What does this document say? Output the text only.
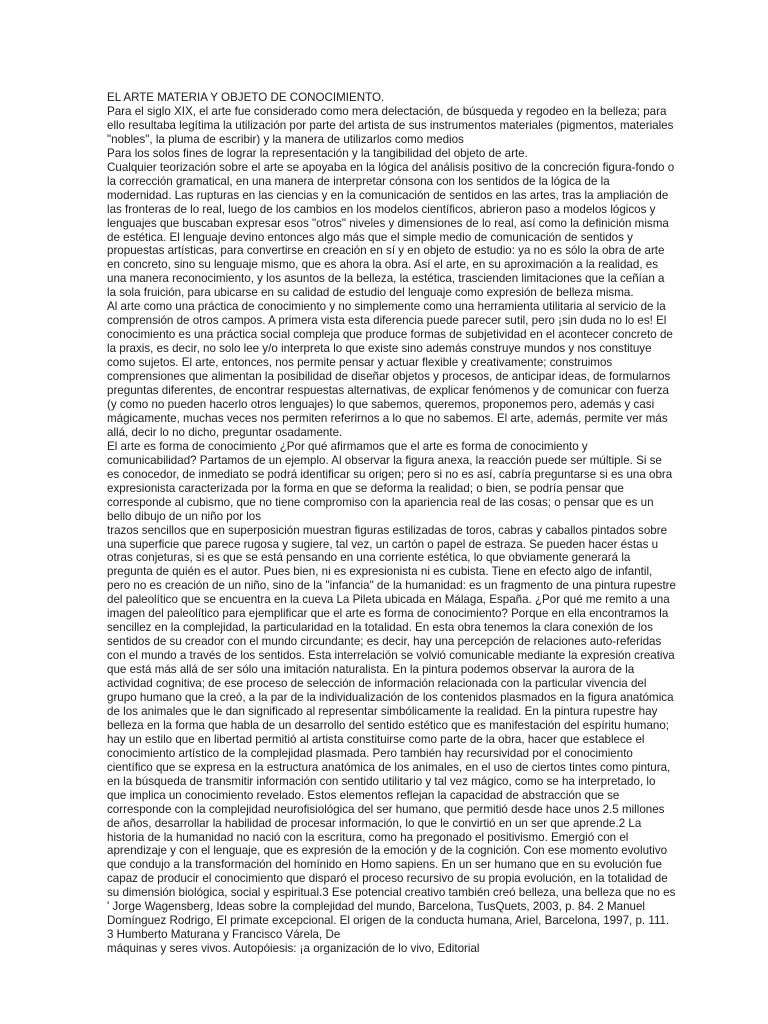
EL ARTE MATERIA Y OBJETO DE CONOCIMIENTO.
Para el siglo XIX, el arte fue considerado como mera delectación, de búsqueda y regodeo en la belleza; para
ello resultaba legítima la utilización por parte del artista de sus instrumentos materiales (pigmentos, materiales
"nobles", la pluma de escribir) y la manera de utilizarlos como medios
Para los solos fines de lograr la representación y la tangibilidad del objeto de arte.
Cualquier teorización sobre el arte se apoyaba en la lógica del análisis positivo de la concreción figura-fondo o
la corrección gramatical, en una manera de interpretar cónsona con los sentidos de la lógica de la
modernidad. Las rupturas en las ciencias y en la comunicación de sentidos en las artes, tras la ampliación de
las fronteras de lo real, luego de los cambios en los modelos científicos, abrieron paso a modelos lógicos y
lenguajes que buscaban expresar esos "otros" niveles y dimensiones de lo real, así como la definición misma
de estética. El lenguaje devino entonces algo más que el simple medio de comunicación de sentidos y
propuestas artísticas, para convertirse en creación en sí y en objeto de estudio: ya no es sólo la obra de arte
en concreto, sino su lenguaje mismo, que es ahora la obra. Así el arte, en su aproximación a la realidad, es
una manera reconocimiento, y los asuntos de la belleza, la estética, trascienden limitaciones que la ceñían a
la sola fruición, para ubicarse en su calidad de estudio del lenguaje como expresión de belleza misma.
Al arte como una práctica de conocimiento y no simplemente como una herramienta utilitaria al servicio de la
comprensión de otros campos. A primera vista esta diferencia puede parecer sutil, pero ¡sin duda no lo es! El
conocimiento es una práctica social compleja que produce formas de subjetividad en el acontecer concreto de
la praxis, es decir, no solo lee y/o interpreta lo que existe sino además construye mundos y nos constituye
como sujetos. El arte, entonces, nos permite pensar y actuar flexible y creativamente; construimos
comprensiones que alimentan la posibilidad de diseñar objetos y procesos, de anticipar ideas, de formularnos
preguntas diferentes, de encontrar respuestas alternativas, de explicar fenómenos y de comunicar con fuerza
(y como no pueden hacerlo otros lenguajes) lo que sabemos, queremos, proponemos pero, además y casi
mágicamente, muchas veces nos permiten referirnos a lo que no sabemos. El arte, además, permite ver más
allá, decir lo no dicho, preguntar osadamente.
El arte es forma de conocimiento ¿Por qué afirmamos que el arte es forma de conocimiento y
comunicabilidad? Partamos de un ejemplo. Al observar la figura anexa, la reacción puede ser múltiple. Si se
es conocedor, de inmediato se podrá identificar su origen; pero si no es así, cabría preguntarse si es una obra
expresionista caracterizada por la forma en que se deforma la realidad; o bien, se podría pensar que
corresponde al cubismo, que no tiene compromiso con la apariencia real de las cosas; o pensar que es un
bello dibujo de un niño por los
trazos sencillos que en superposición muestran figuras estilizadas de toros, cabras y caballos pintados sobre
una superficie que parece rugosa y sugiere, tal vez, un cartón o papel de estraza. Se pueden hacer éstas u
otras conjeturas, si es que se está pensando en una corriente estética, lo que obviamente generará la
pregunta de quién es el autor. Pues bien, ni es expresionista ni es cubista. Tiene en efecto algo de infantil,
pero no es creación de un niño, sino de la "infancia" de la humanidad: es un fragmento de una pintura rupestre
del paleolítico que se encuentra en la cueva La Pileta ubicada en Málaga, España. ¿Por qué me remito a una
imagen del paleolítico para ejemplificar que el arte es forma de conocimiento? Porque en ella encontramos la
sencillez en la complejidad, la particularidad en la totalidad. En esta obra tenemos la clara conexión de los
sentidos de su creador con el mundo circundante; es decir, hay una percepción de relaciones auto-referidas
con el mundo a través de los sentidos. Esta interrelación se volvió comunicable mediante la expresión creativa
que está más allá de ser sólo una imitación naturalista. En la pintura podemos observar la aurora de la
actividad cognitiva; de ese proceso de selección de información relacionada con la particular vivencia del
grupo humano que la creó, a la par de la individualización de los contenidos plasmados en la figura anatómica
de los animales que le dan significado al representar simbólicamente la realidad. En la pintura rupestre hay
belleza en la forma que habla de un desarrollo del sentido estético que es manifestación del espíritu humano;
hay un estilo que en libertad permitió al artista constituirse como parte de la obra, hacer que establece el
conocimiento artístico de la complejidad plasmada. Pero también hay recursividad por el conocimiento
científico que se expresa en la estructura anatómica de los animales, en el uso de ciertos tintes como pintura,
en la búsqueda de transmitir información con sentido utilitario y tal vez mágico, como se ha interpretado, lo
que implica un conocimiento revelado. Estos elementos reflejan la capacidad de abstracción que se
corresponde con la complejidad neurofisiológica del ser humano, que permitió desde hace unos 2.5 millones
de años, desarrollar la habilidad de procesar información, lo que le convirtió en un ser que aprende.2 La
historia de la humanidad no nació con la escritura, como ha pregonado el positivismo. Emergió con el
aprendizaje y con el lenguaje, que es expresión de la emoción y de la cognición. Con ese momento evolutivo
que condujo a la transformación del homínido en Homo sapiens. En un ser humano que en su evolución fue
capaz de producir el conocimiento que disparó el proceso recursivo de su propia evolución, en la totalidad de
su dimensión biológica, social y espiritual.3 Ese potencial creativo también creó belleza, una belleza que no es
' Jorge Wagensberg, Ideas sobre la complejidad del mundo, Barcelona, TusQuets, 2003, p. 84. 2 Manuel
Domínguez Rodrigo, El primate excepcional. El origen de la conducta humana, Ariel, Barcelona, 1997, p. 111.
3 Humberto Maturana y Francisco Várela, De
máquinas y seres vivos. Autopóiesis: ¡a organización de lo vivo, Editorial
